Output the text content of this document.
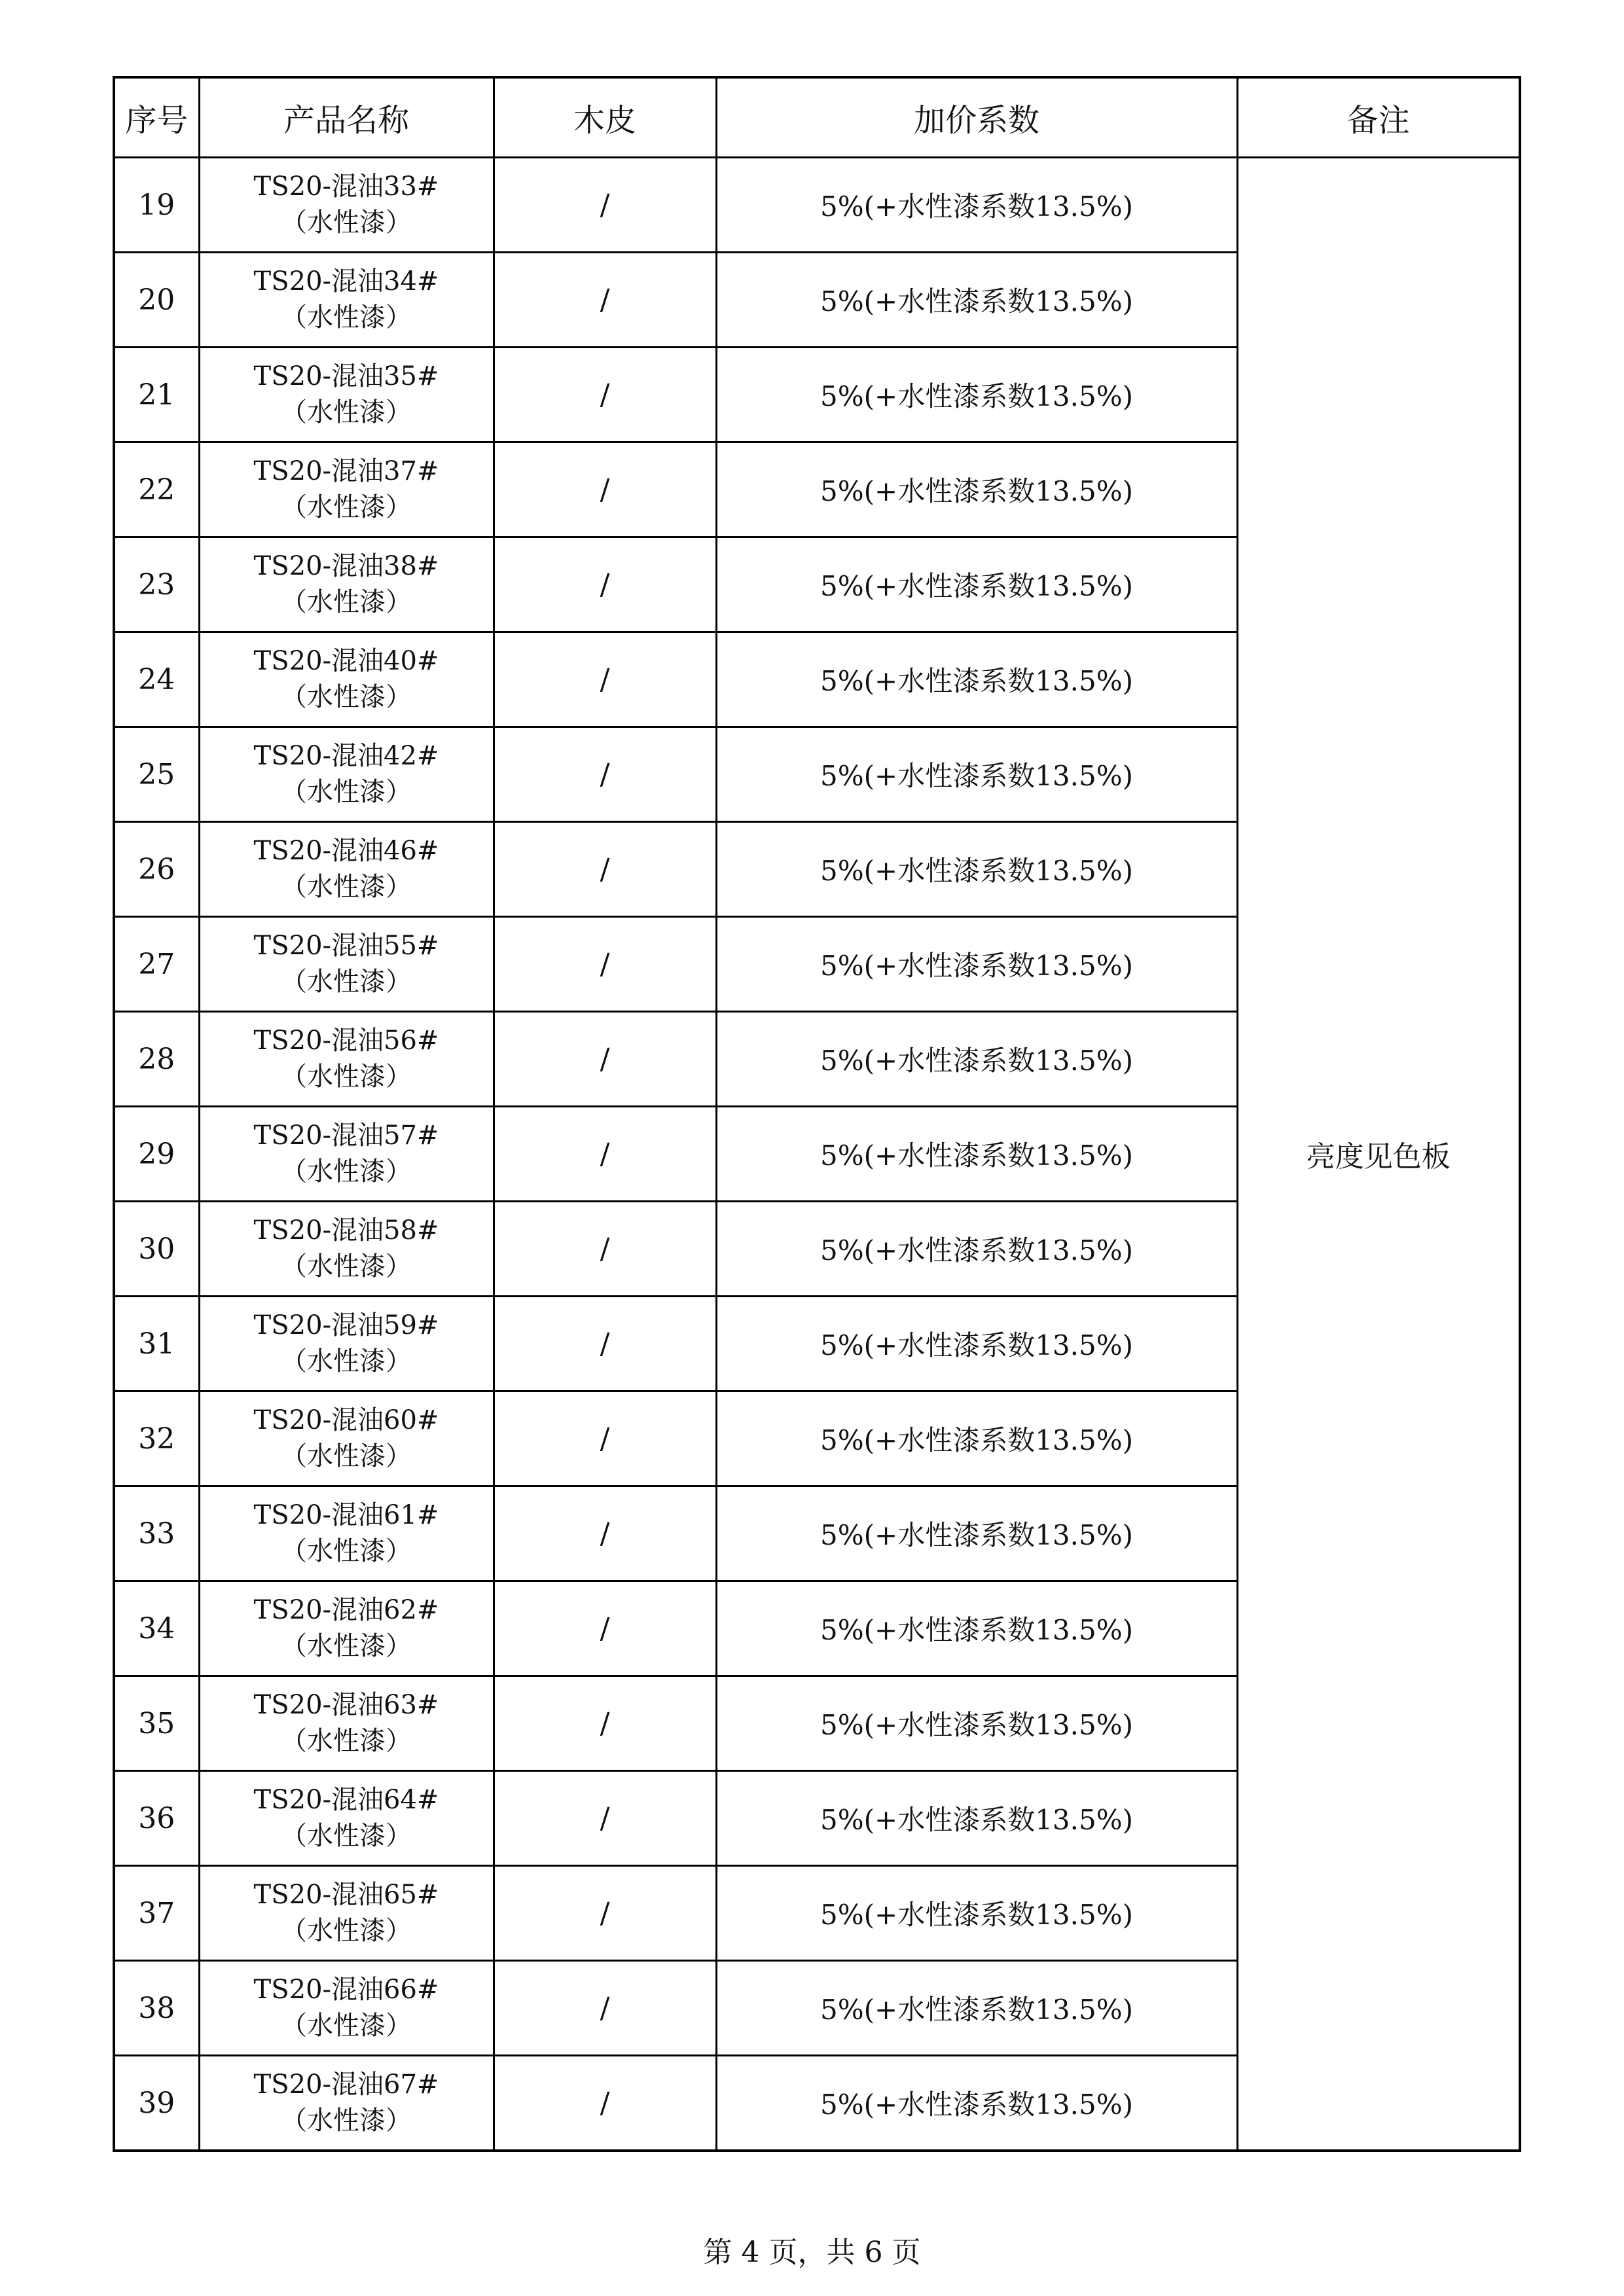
序号	产品名称	木皮	加价系数	备注
19	TS20-混油33#
（水性漆）	/	5%(+水性漆系数13.5%)	亮度见色板
20	TS20-混油34#
（水性漆）	/	5%(+水性漆系数13.5%)	
21	TS20-混油35#
（水性漆）	/	5%(+水性漆系数13.5%)	
22	TS20-混油37#
（水性漆）	/	5%(+水性漆系数13.5%)	
23	TS20-混油38#
（水性漆）	/	5%(+水性漆系数13.5%)	
24	TS20-混油40#
（水性漆）	/	5%(+水性漆系数13.5%)	
25	TS20-混油42#
（水性漆）	/	5%(+水性漆系数13.5%)	
26	TS20-混油46#
（水性漆）	/	5%(+水性漆系数13.5%)	
27	TS20-混油55#
（水性漆）	/	5%(+水性漆系数13.5%)	
28	TS20-混油56#
（水性漆）	/	5%(+水性漆系数13.5%)	
29	TS20-混油57#
（水性漆）	/	5%(+水性漆系数13.5%)	
30	TS20-混油58#
（水性漆）	/	5%(+水性漆系数13.5%)	
31	TS20-混油59#
（水性漆）	/	5%(+水性漆系数13.5%)	
32	TS20-混油60#
（水性漆）	/	5%(+水性漆系数13.5%)	
33	TS20-混油61#
（水性漆）	/	5%(+水性漆系数13.5%)	
34	TS20-混油62#
（水性漆）	/	5%(+水性漆系数13.5%)	
35	TS20-混油63#
（水性漆）	/	5%(+水性漆系数13.5%)	
36	TS20-混油64#
（水性漆）	/	5%(+水性漆系数13.5%)	
37	TS20-混油65#
（水性漆）	/	5%(+水性漆系数13.5%)	
38	TS20-混油66#
（水性漆）	/	5%(+水性漆系数13.5%)	
39	TS20-混油67#
（水性漆）	/	5%(+水性漆系数13.5%)	
第 4 页，共 6 页
